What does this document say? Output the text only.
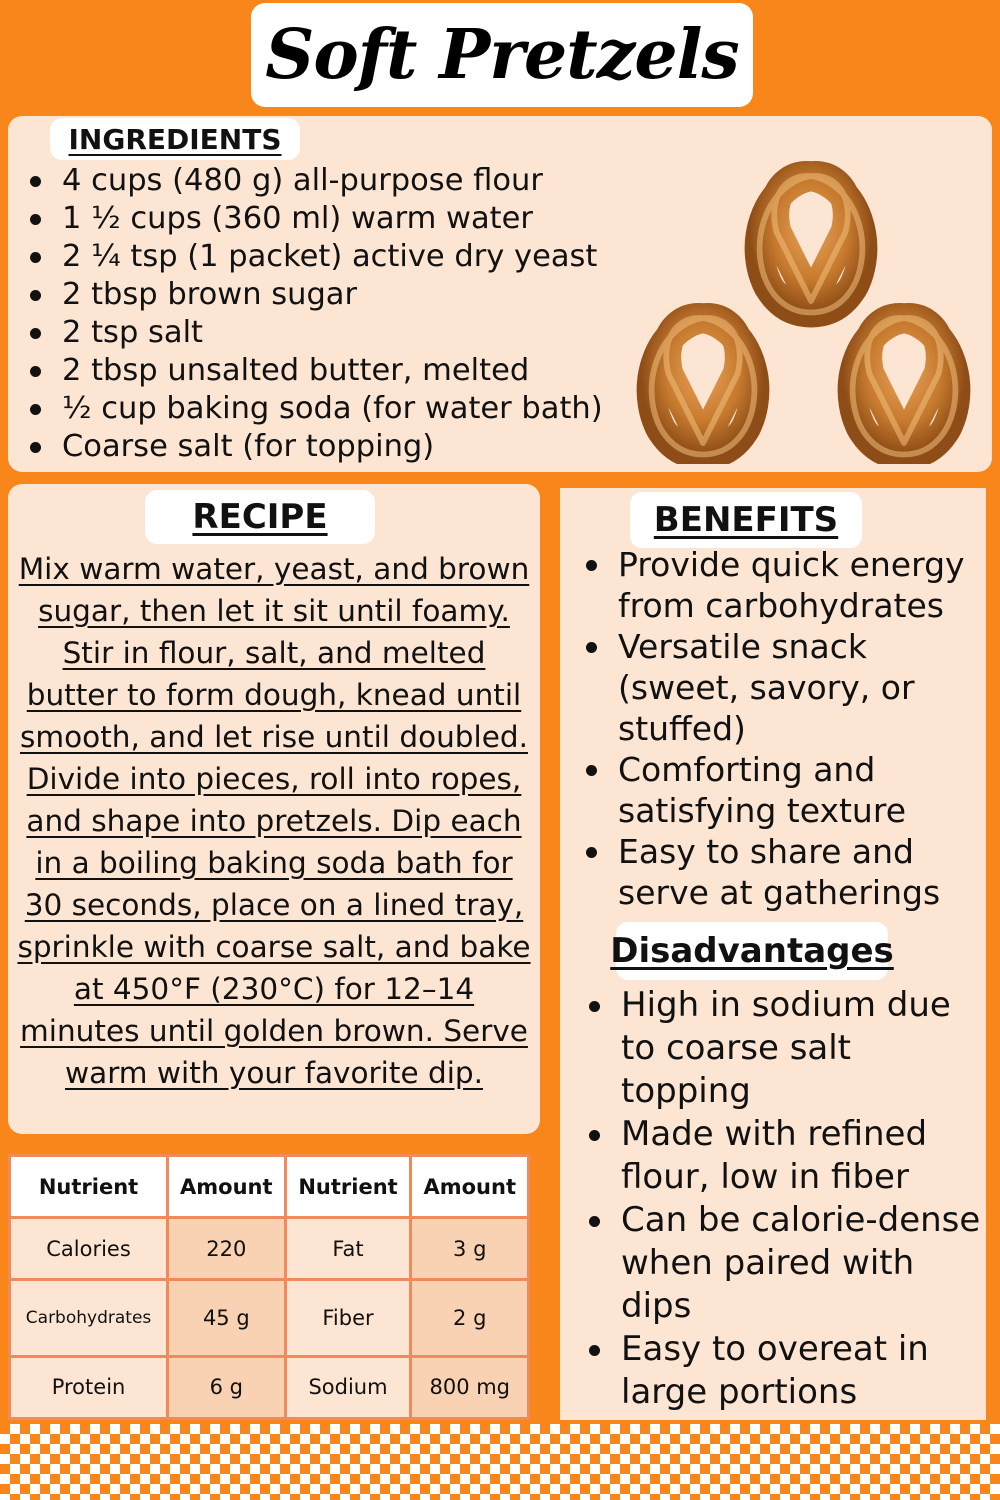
Soft Pretzels
INGREDIENTS
4 cups (480 g) all-purpose flour
1 ½ cups (360 ml) warm water
2 ¼ tsp (1 packet) active dry yeast
2 tbsp brown sugar
2 tsp salt
2 tbsp unsalted butter, melted
½ cup baking soda (for water bath)
Coarse salt (for topping)
RECIPE

Mix warm water, yeast, and brown sugar, then let it sit until foamy. Stir in flour, salt, and melted butter to form dough, knead until smooth, and let rise until doubled. Divide into pieces, roll into ropes, and shape into pretzels. Dip each in a boiling baking soda bath for 30 seconds, place on a lined tray, sprinkle with coarse salt, and bake at 450°F (230°C) for 12–14 minutes until golden brown. Serve warm with your favorite dip.

BENEFITS
Provide quick energy from carbohydrates
Versatile snack (sweet, savory, or stuffed)
Comforting and satisfying texture
Easy to share and serve at gatherings
Disadvantages
High in sodium due to coarse salt topping
Made with refined flour, low in fiber
Can be calorie-dense when paired with dips
Easy to overeat in large portions
Nutrient	Amount	Nutrient	Amount
Calories	220	Fat	3 g
Carbohydrates	45 g	Fiber	2 g
Protein	6 g	Sodium	800 mg
